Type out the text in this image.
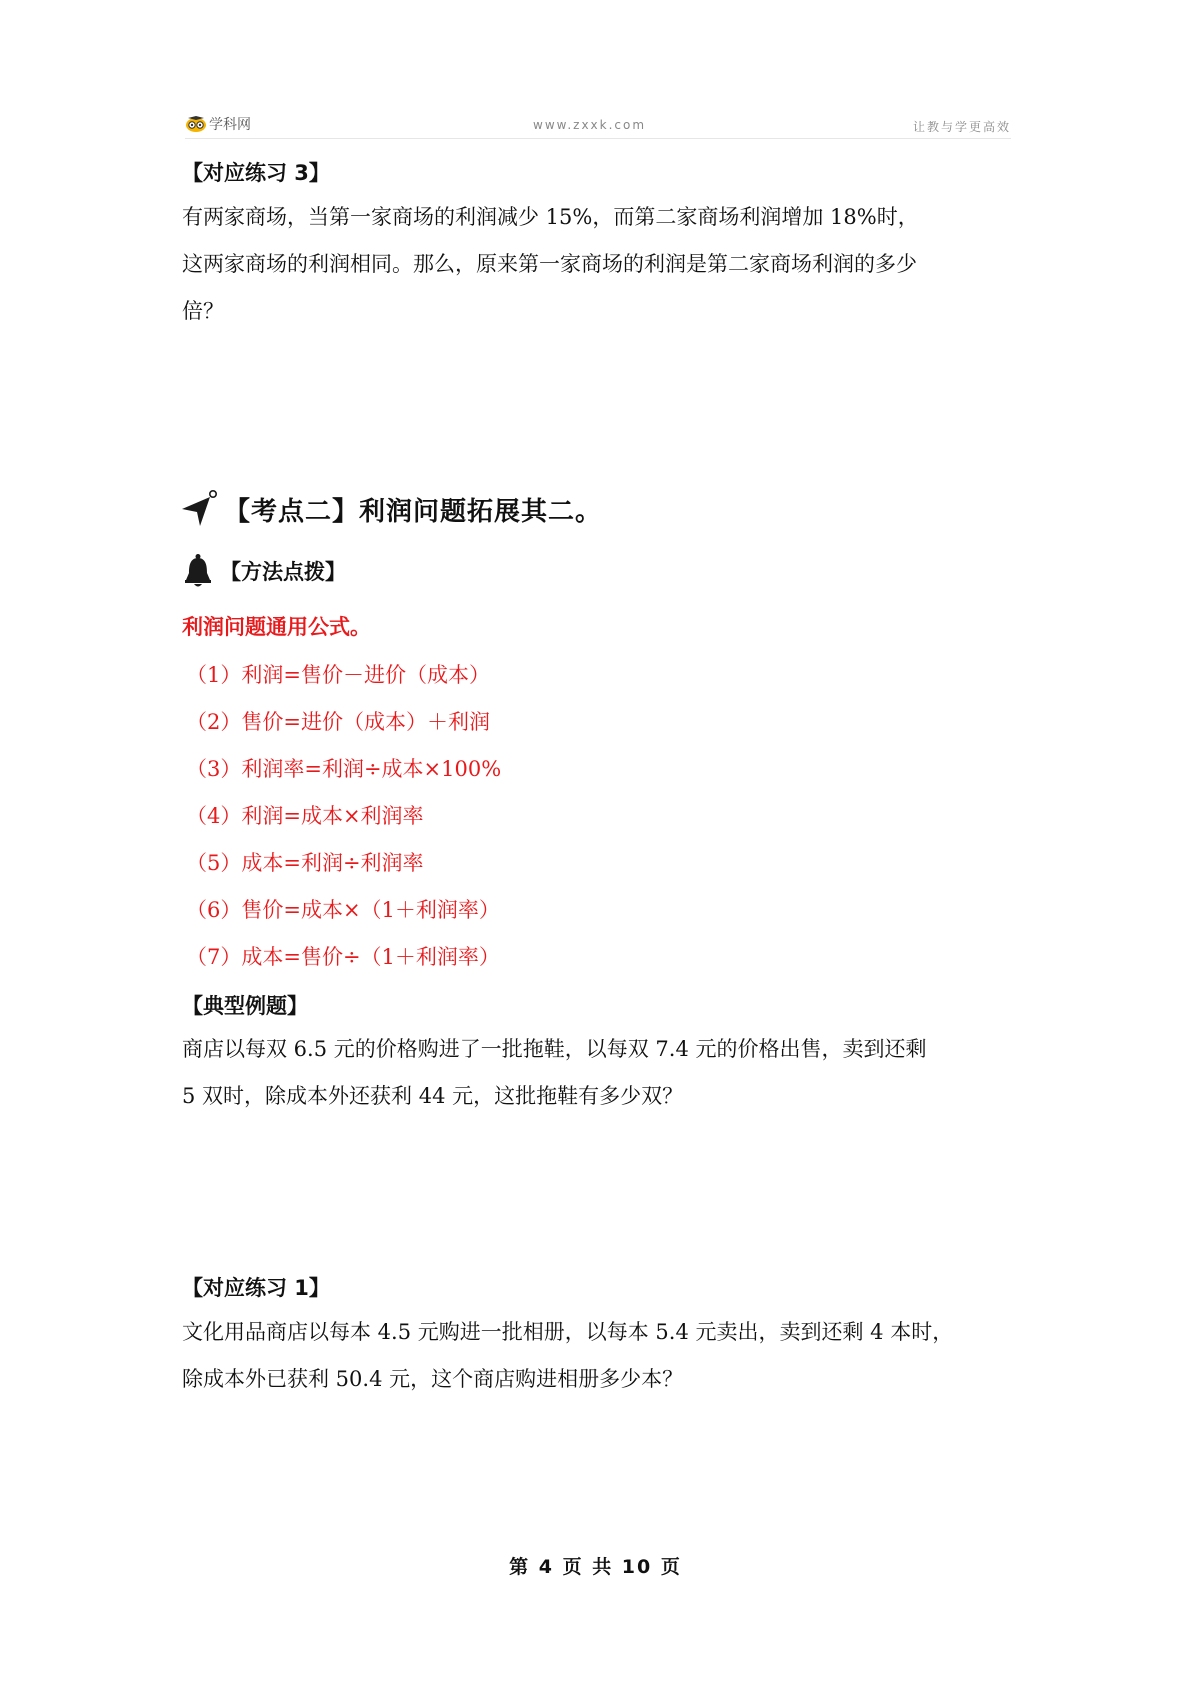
学科网	www.zxxk.com	让教与学更高效
【对应练习 3】

有两家商场，当第一家商场的利润减少 15%，而第二家商场利润增加 18%时，

这两家商场的利润相同。那么，原来第一家商场的利润是第二家商场利润的多少

倍？

【考点二】利润问题拓展其二。
【方法点拨】
利润问题通用公式。
（1）利润=售价－进价（成本）
（2）售价=进价（成本）＋利润
（3）利润率=利润÷成本×100%
（4）利润=成本×利润率
（5）成本=利润÷利润率
（6）售价=成本×（1＋利润率）
（7）成本=售价÷（1＋利润率）
【典型例题】

商店以每双 6.5 元的价格购进了一批拖鞋，以每双 7.4 元的价格出售，卖到还剩

5 双时，除成本外还获利 44 元，这批拖鞋有多少双？

【对应练习 1】

文化用品商店以每本 4.5 元购进一批相册，以每本 5.4 元卖出，卖到还剩 4 本时，

除成本外已获利 50.4 元，这个商店购进相册多少本？

第 4 页 共 10 页
